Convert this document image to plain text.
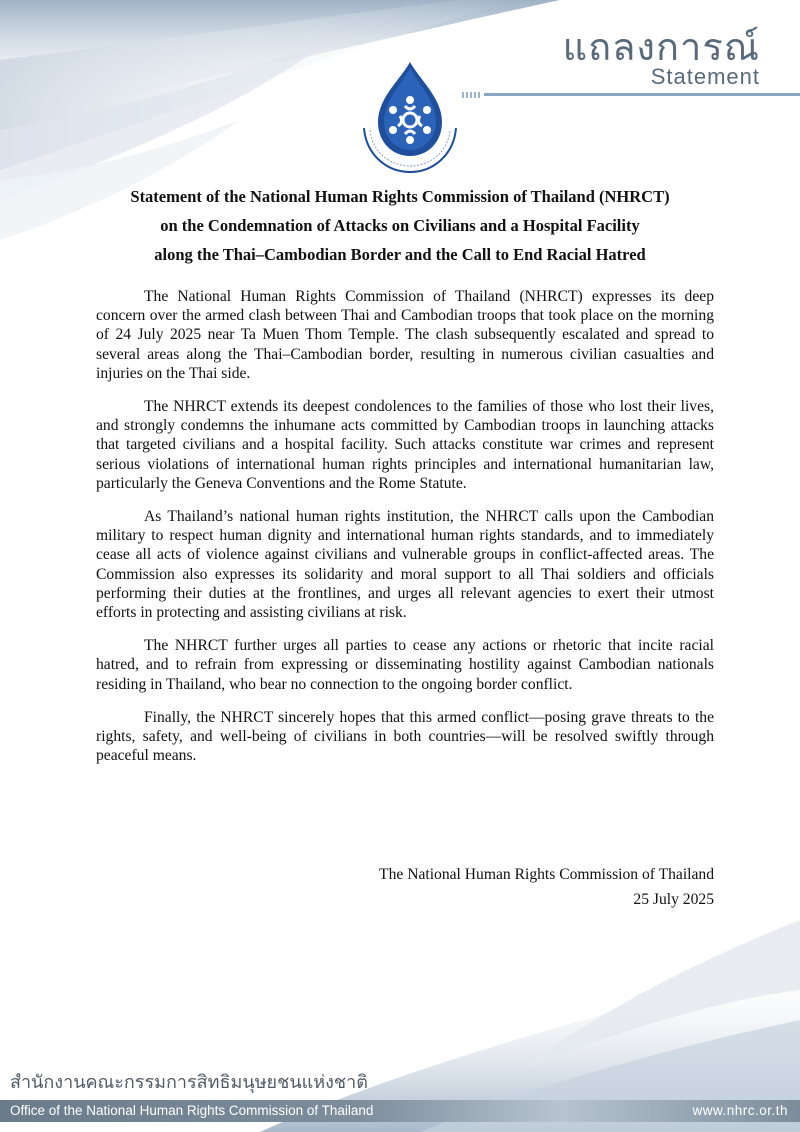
แถลงการณ์
Statement
Statement of the National Human Rights Commission of Thailand (NHRCT)
on the Condemnation of Attacks on Civilians and a Hospital Facility
along the Thai–Cambodian Border and the Call to End Racial Hatred

The National Human Rights Commission of Thailand (NHRCT) expresses its deep concern over the armed clash between Thai and Cambodian troops that took place on the morning of 24 July 2025 near Ta Muen Thom Temple. The clash subsequently escalated and spread to several areas along the Thai–Cambodian border, resulting in numerous civilian casualties and injuries on the Thai side.

The NHRCT extends its deepest condolences to the families of those who lost their lives, and strongly condemns the inhumane acts committed by Cambodian troops in launching attacks that targeted civilians and a hospital facility. Such attacks constitute war crimes and represent serious violations of international human rights principles and international humanitarian law, particularly the Geneva Conventions and the Rome Statute.

As Thailand’s national human rights institution, the NHRCT calls upon the Cambodian military to respect human dignity and international human rights standards, and to immediately cease all acts of violence against civilians and vulnerable groups in conflict-affected areas. The Commission also expresses its solidarity and moral support to all Thai soldiers and officials performing their duties at the frontlines, and urges all relevant agencies to exert their utmost efforts in protecting and assisting civilians at risk.

The NHRCT further urges all parties to cease any actions or rhetoric that incite racial hatred, and to refrain from expressing or disseminating hostility against Cambodian nationals residing in Thailand, who bear no connection to the ongoing border conflict.

Finally, the NHRCT sincerely hopes that this armed conflict—posing grave threats to the rights, safety, and well-being of civilians in both countries—will be resolved swiftly through peaceful means.

The National Human Rights Commission of Thailand
25 July 2025
สำนักงานคณะกรรมการสิทธิมนุษยชนแห่งชาติ
Office of the National Human Rights Commission of Thailand	www.nhrc.or.th
